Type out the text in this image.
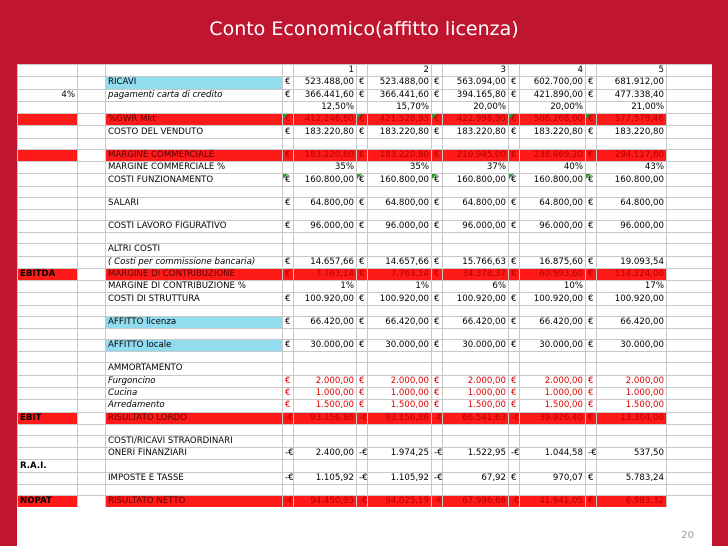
Conto Economico(affitto licenza)
				1		2		3		4		5	
		RICAVI	€	523.488,00	€	523.488,00	€	563.094,00	€	602.700,00	€	681.912,00	
4%		pagamenti carta di credito	€	366.441,60	€	366.441,60	€	394.165,80	€	421.890,00	€	477.338,40	
				12,50%		15,70%		20,00%		20,00%		21,00%	
		%GWR Mkt	€	412.246,80	€	421.528,93	€	422.998,90	€	506.268,00	€	577.579,46	
		COSTO DEL VENDUTO	€	183.220,80	€	183.220,80	€	183.220,80	€	183.220,80	€	183.220,80	

		MARGINE COMMERCIALE	€	183.220,80	€	183.220,80	€	210.945,00	€	238.669,20	€	294.117,60	
		MARGINE COMMERCIALE %		35%		35%		37%		40%		43%	
		COSTI FUNZIONAMENTO	€	160.800,00	€	160.800,00	€	160.800,00	€	160.800,00	€	160.800,00	

		SALARI	€	64.800,00	€	64.800,00	€	64.800,00	€	64.800,00	€	64.800,00	

		COSTI LAVORO FIGURATIVO	€	96.000,00	€	96.000,00	€	96.000,00	€	96.000,00	€	96.000,00	

		ALTRI COSTI											
		( Costi per commissione bancaria)	€	14.657,66	€	14.657,66	€	15.766,63	€	16.875,60	€	19.093,54	
EBITDA		MARGINE DI CONTRIBUZIONE	€	7.763,14	€	7.763,14	€	34.378,37	€	60.993,60	€	114.224,06	
		MARGINE DI CONTRIBUZIONE %		1%		1%		6%		10%		17%	
		COSTI DI STRUTTURA	€	100.920,00	€	100.920,00	€	100.920,00	€	100.920,00	€	100.920,00	

		AFFITTO licenza	€	66.420,00	€	66.420,00	€	66.420,00	€	66.420,00	€	66.420,00	

		AFFITTO locale	€	30.000,00	€	30.000,00	€	30.000,00	€	30.000,00	€	30.000,00	

		AMMORTAMENTO											
		Furgoncino	€	2.000,00	€	2.000,00	€	2.000,00	€	2.000,00	€	2.000,00	
		Cucina	€	1.000,00	€	1.000,00	€	1.000,00	€	1.000,00	€	1.000,00	
		Arredamento	€	1.500,00	€	1.500,00	€	1.500,00	€	1.500,00	€	1.500,00	
EBIT		RISULTATO LORDO	-€	93.156,86	-€	93.156,86	-€	66.541,63	-€	39.926,40	€	13.304,06	

		COSTI/RICAVI STRAORDINARI											
		ONERI FINANZIARI	-€	2.400,00	-€	1.974,25	-€	1.522,95	-€	1.044,58	-€	537,50	
R.A.I.													
		IMPOSTE E TASSE	-€	1.105,92	-€	1.105,92	-€	67,92	€	970,07	€	5.783,24	

NOPAT		RISULTATO NETTO	-€	94.450,95	-€	94.025,19	-€	67.996,66	-€	41.941,05	€	6.983,32	
20
